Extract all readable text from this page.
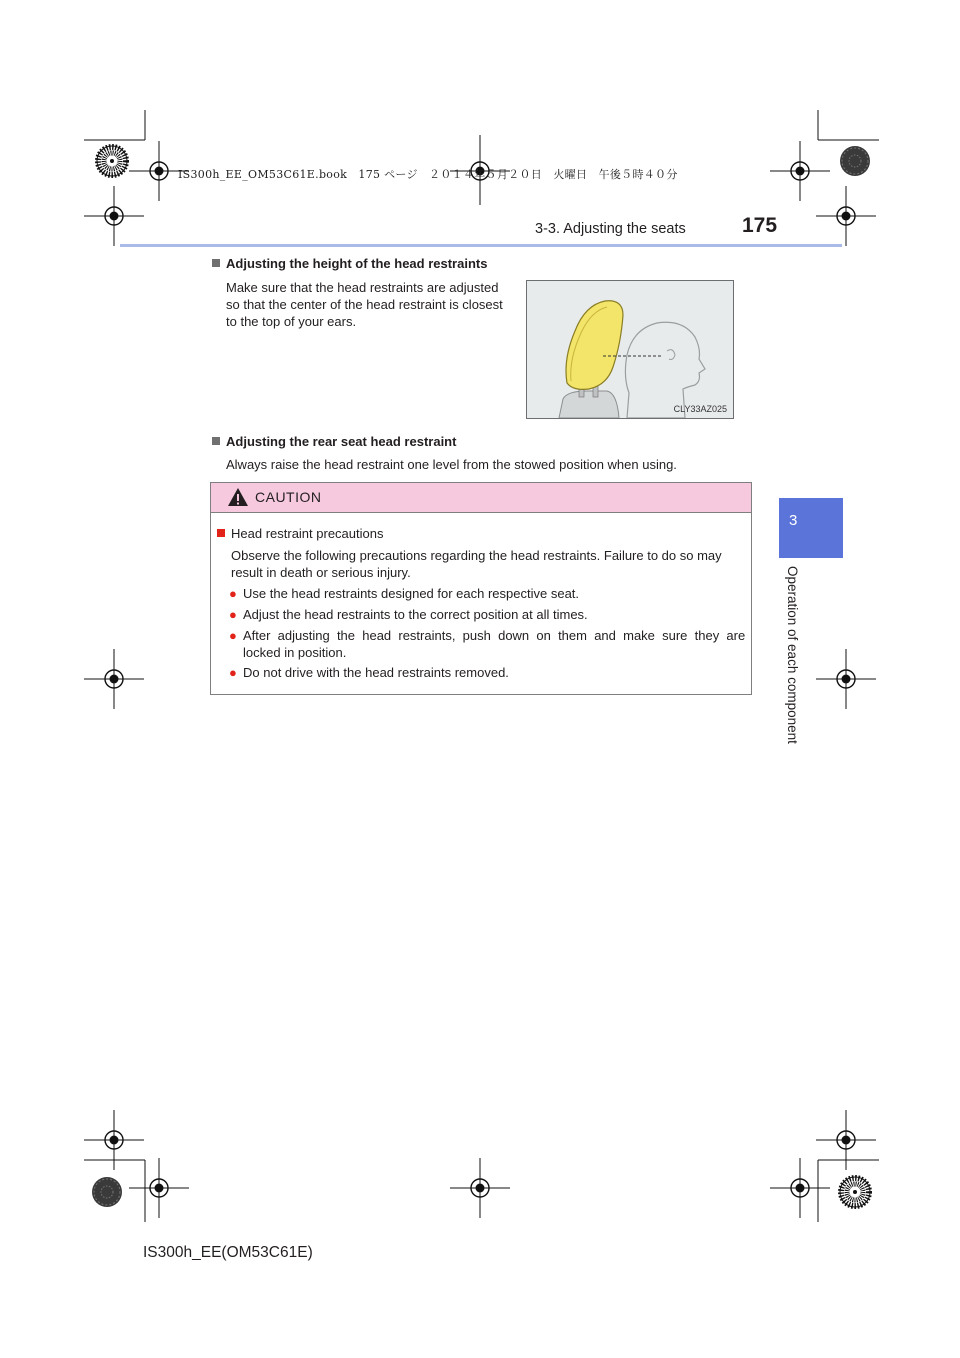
IS300h_EE_OM53C61E.book　175 ページ　２０１４年５月２０日　火曜日　午後５時４０分
3-3. Adjusting the seats	175
3
Operation of each component
Adjusting the height of the head restraints
Make sure that the head restraints are adjusted
so that the center of the head restraint is closest
to the top of your ears.
CLY33AZ025
Adjusting the rear seat head restraint
Always raise the head restraint one level from the stowed position when using.
CAUTION
Head restraint precautions
Observe the following precautions regarding the head restraints. Failure to do so may
result in death or serious injury.
● Use the head restraints designed for each respective seat.
● Adjust the head restraints to the correct position at all times.
● After  adjusting  the  head  restraints,  push  down  on  them  and  make  sure  they  are
locked in position.
● Do not drive with the head restraints removed.
IS300h_EE(OM53C61E)
